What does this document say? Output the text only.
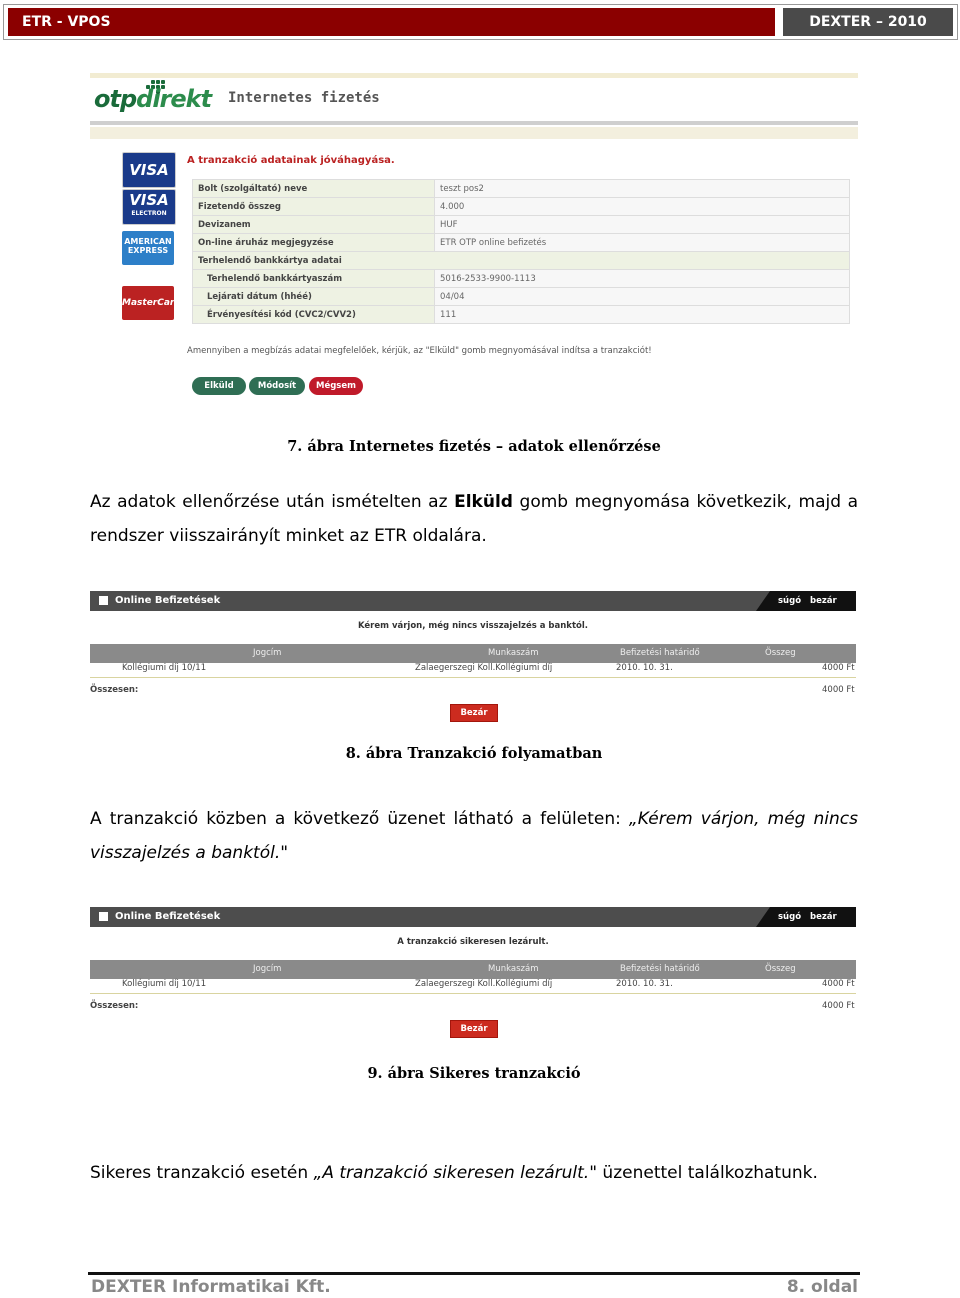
ETR - VPOS	DEXTER – 2010
otpdirekt Internetes fizetés
VISA
VISA
ELECTRON
AMERICAN EXPRESS
MasterCard
A tranzakció adatainak jóváhagyása.
Bolt (szolgáltató) neve	teszt pos2
Fizetendő összeg	4.000
Devizanem	HUF
On-line áruház megjegyzése	ETR OTP online befizetés
Terhelendő bankkártya adatai	
Terhelendő bankkártyaszám	5016-2533-9900-1113
Lejárati dátum (hhéé)	04/04
Érvényesítési kód (CVC2/CVV2)	111
Amennyiben a megbízás adatai megfelelőek, kérjük, az "Elküld" gomb megnyomásával indítsa a tranzakciót!
Elküld	Módosít	Mégsem
7. ábra Internetes fizetés – adatok ellenőrzése
Az adatok ellenőrzése után ismételten az Elküld gomb megnyomása következik, majd a rendszer viisszairányít minket az ETR oldalára.
Online Befizetések	súgó bezár
Kérem várjon, még nincs visszajelzés a banktól.
Jogcím	Munkaszám	Befizetési határidő	Összeg
Kollégiumi díj 10/11	Zalaegerszegi Koll.Kollégiumi díj	2010. 10. 31.	4000 Ft
Összesen:	4000 Ft
Bezár
8. ábra Tranzakció folyamatban
A tranzakció közben a következő üzenet látható a felületen: „Kérem várjon, még nincs visszajelzés a banktól."
Online Befizetések	súgó bezár
A tranzakció sikeresen lezárult.
Jogcím	Munkaszám	Befizetési határidő	Összeg
Kollégiumi díj 10/11	Zalaegerszegi Koll.Kollégiumi díj	2010. 10. 31.	4000 Ft
Összesen:	4000 Ft
Bezár
9. ábra Sikeres tranzakció
Sikeres tranzakció esetén „A tranzakció sikeresen lezárult." üzenettel találkozhatunk.
DEXTER Informatikai Kft.	8. oldal
